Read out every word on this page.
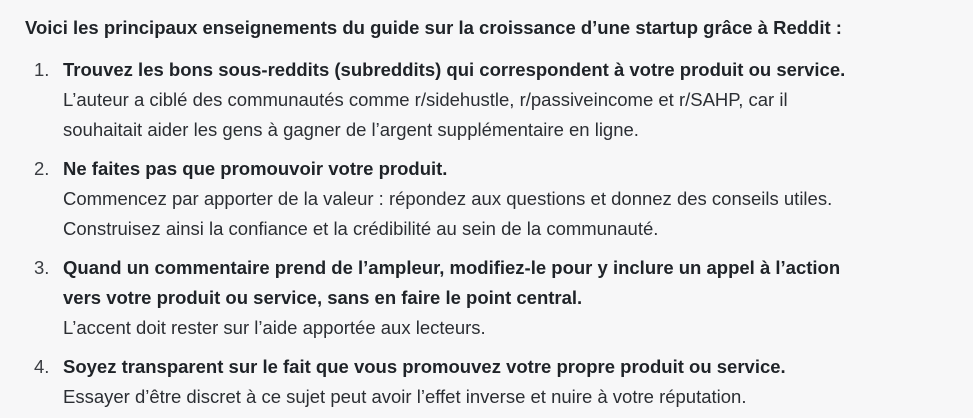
Voici les principaux enseignements du guide sur la croissance d’une startup grâce à Reddit :

1. Trouvez les bons sous-reddits (subreddits) qui correspondent à votre produit ou service.

L’auteur a ciblé des communautés comme r/sidehustle, r/passiveincome et r/SAHP, car il

souhaitait aider les gens à gagner de l’argent supplémentaire en ligne.

2. Ne faites pas que promouvoir votre produit.

Commencez par apporter de la valeur : répondez aux questions et donnez des conseils utiles.

Construisez ainsi la confiance et la crédibilité au sein de la communauté.

3. Quand un commentaire prend de l’ampleur, modifiez-le pour y inclure un appel à l’action

vers votre produit ou service, sans en faire le point central.

L’accent doit rester sur l’aide apportée aux lecteurs.

4. Soyez transparent sur le fait que vous promouvez votre propre produit ou service.

Essayer d’être discret à ce sujet peut avoir l’effet inverse et nuire à votre réputation.
